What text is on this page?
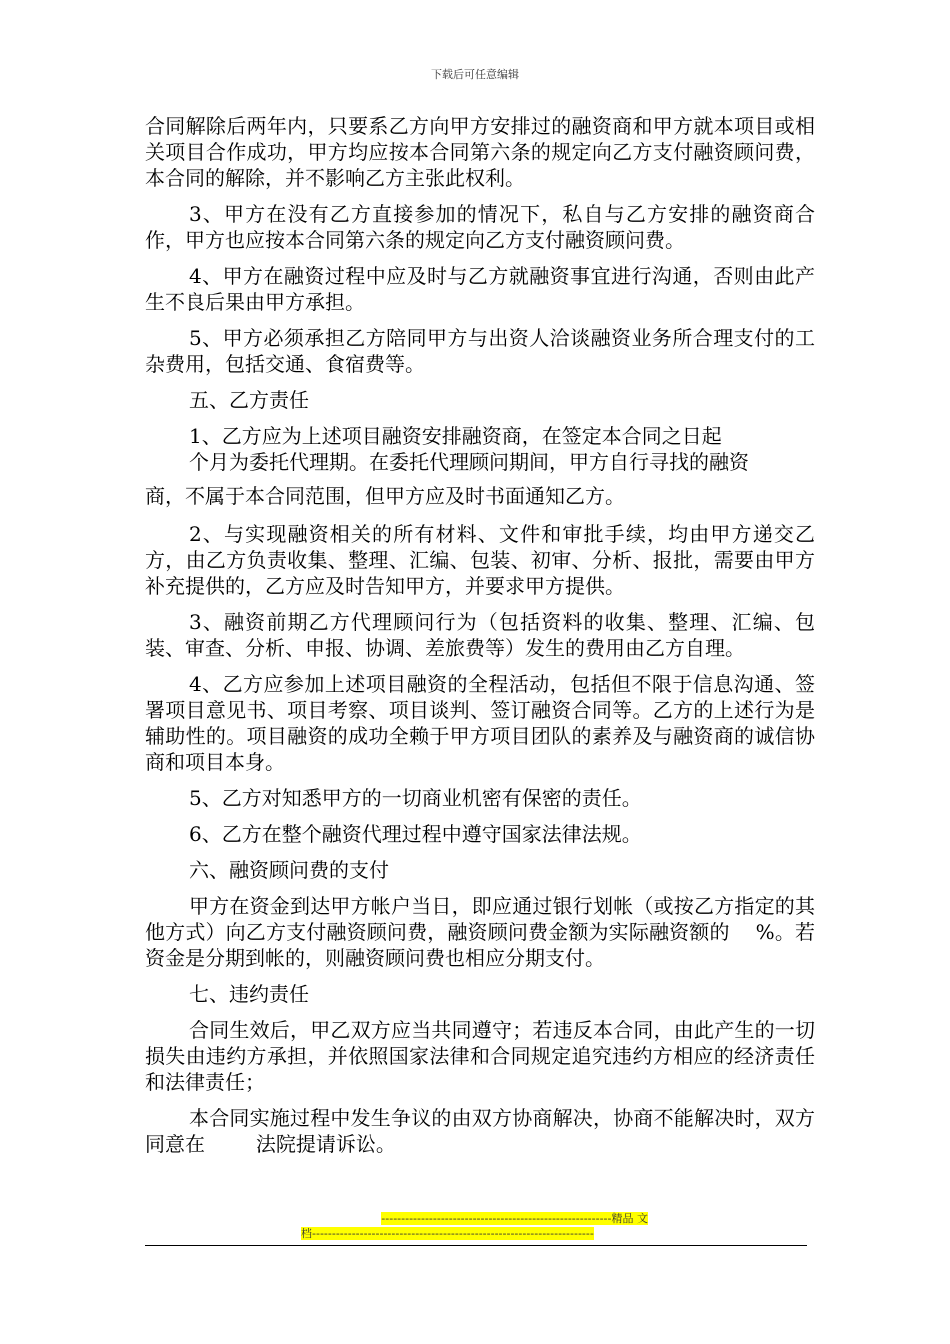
下载后可任意编辑

合同解除后两年内，只要系乙方向甲方安排过的融资商和甲方就本项目或相关项目合作成功，甲方均应按本合同第六条的规定向乙方支付融资顾问费，本合同的解除，并不影响乙方主张此权利。

3、甲方在没有乙方直接参加的情况下，私自与乙方安排的融资商合作，甲方也应按本合同第六条的规定向乙方支付融资顾问费。

4、甲方在融资过程中应及时与乙方就融资事宜进行沟通，否则由此产生不良后果由甲方承担。

5、甲方必须承担乙方陪同甲方与出资人洽谈融资业务所合理支付的工杂费用，包括交通、食宿费等。

五、乙方责任

1、乙方应为上述项目融资安排融资商，在签定本合同之日起

个月为委托代理期。在委托代理顾问期间，甲方自行寻找的融资

商，不属于本合同范围，但甲方应及时书面通知乙方。

2、与实现融资相关的所有材料、文件和审批手续，均由甲方递交乙方，由乙方负责收集、整理、汇编、包装、初审、分析、报批，需要由甲方补充提供的，乙方应及时告知甲方，并要求甲方提供。

3、融资前期乙方代理顾问行为（包括资料的收集、整理、汇编、包装、审查、分析、申报、协调、差旅费等）发生的费用由乙方自理。

4、乙方应参加上述项目融资的全程活动，包括但不限于信息沟通、签署项目意见书、项目考察、项目谈判、签订融资合同等。乙方的上述行为是辅助性的。项目融资的成功全赖于甲方项目团队的素养及与融资商的诚信协商和项目本身。

5、乙方对知悉甲方的一切商业机密有保密的责任。

6、乙方在整个融资代理过程中遵守国家法律法规。

六、融资顾问费的支付

甲方在资金到达甲方帐户当日，即应通过银行划帐（或按乙方指定的其他方式）向乙方支付融资顾问费，融资顾问费金额为实际融资额的    %。若资金是分期到帐的，则融资顾问费也相应分期支付。

七、违约责任

合同生效后，甲乙双方应当共同遵守；若违反本合同，由此产生的一切损失由违约方承担，并依照国家法律和合同规定追究违约方相应的经济责任和法律责任；

本合同实施过程中发生争议的由双方协商解决，协商不能解决时，双方同意在        法院提请诉讼。

----------------------------------------------------------精品 文
档-----------------------------------------------------------------------
